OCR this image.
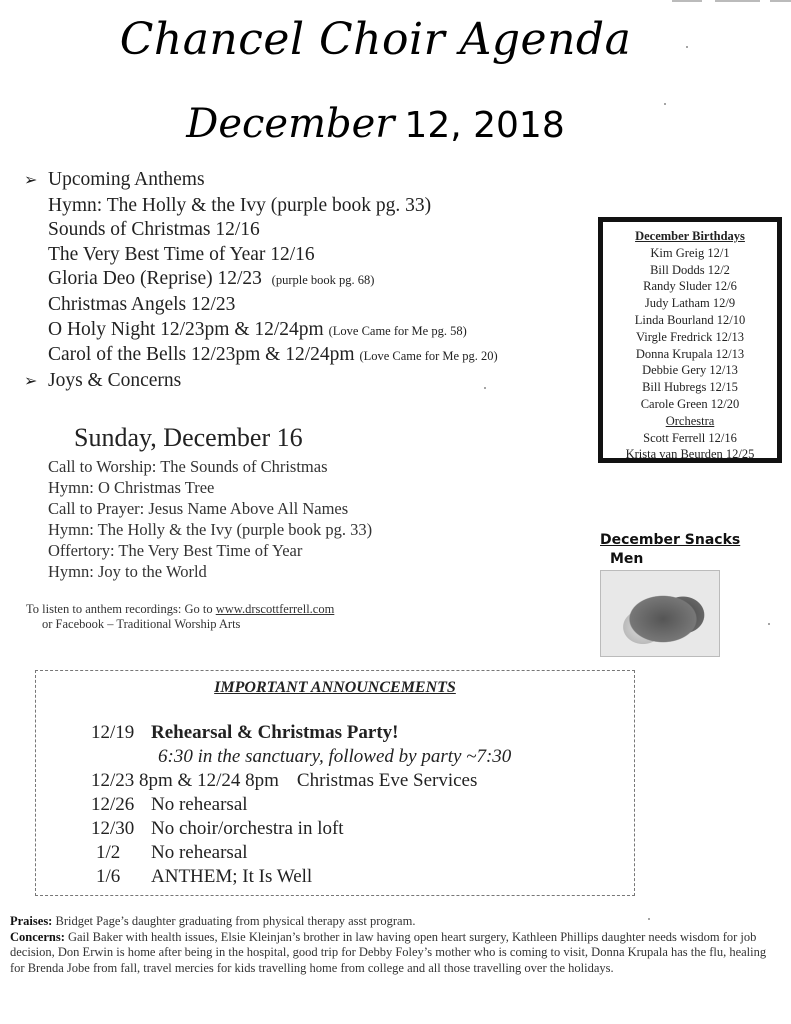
Chancel Choir Agenda
December 12, 2018
➢ Upcoming Anthems
Hymn: The Holly & the Ivy (purple book pg. 33)
Sounds of Christmas 12/16
The Very Best Time of Year 12/16
Gloria Deo (Reprise) 12/23 (purple book pg. 68)
Christmas Angels 12/23
O Holy Night 12/23pm & 12/24pm (Love Came for Me pg. 58)
Carol of the Bells 12/23pm & 12/24pm (Love Came for Me pg. 20)
➢ Joys & Concerns
December Birthdays
Kim Greig 12/1
Bill Dodds 12/2
Randy Sluder 12/6
Judy Latham 12/9
Linda Bourland 12/10
Virgle Fredrick 12/13
Donna Krupala 12/13
Debbie Gery 12/13
Bill Hubregs 12/15
Carole Green 12/20
Orchestra
Scott Ferrell 12/16
Krista van Beurden 12/25
Sunday, December 16
Call to Worship: The Sounds of Christmas
Hymn: O Christmas Tree
Call to Prayer: Jesus Name Above All Names
Hymn: The Holly & the Ivy (purple book pg. 33)
Offertory: The Very Best Time of Year
Hymn: Joy to the World
December Snacks
Men
To listen to anthem recordings: Go to www.drscottferrell.com
or Facebook – Traditional Worship Arts
IMPORTANT ANNOUNCEMENTS
12/19 Rehearsal & Christmas Party!
6:30 in the sanctuary, followed by party ~7:30
12/23 8pm & 12/24 8pm Christmas Eve Services
12/26 No rehearsal
12/30 No choir/orchestra in loft
1/2 No rehearsal
1/6 ANTHEM; It Is Well
Praises: Bridget Page’s daughter graduating from physical therapy asst program.
Concerns: Gail Baker with health issues, Elsie Kleinjan’s brother in law having open heart surgery, Kathleen Phillips daughter needs wisdom for job decision, Don Erwin is home after being in the hospital, good trip for Debby Foley’s mother who is coming to visit, Donna Krupala has the flu, healing for Brenda Jobe from fall, travel mercies for kids travelling home from college and all those travelling over the holidays.
